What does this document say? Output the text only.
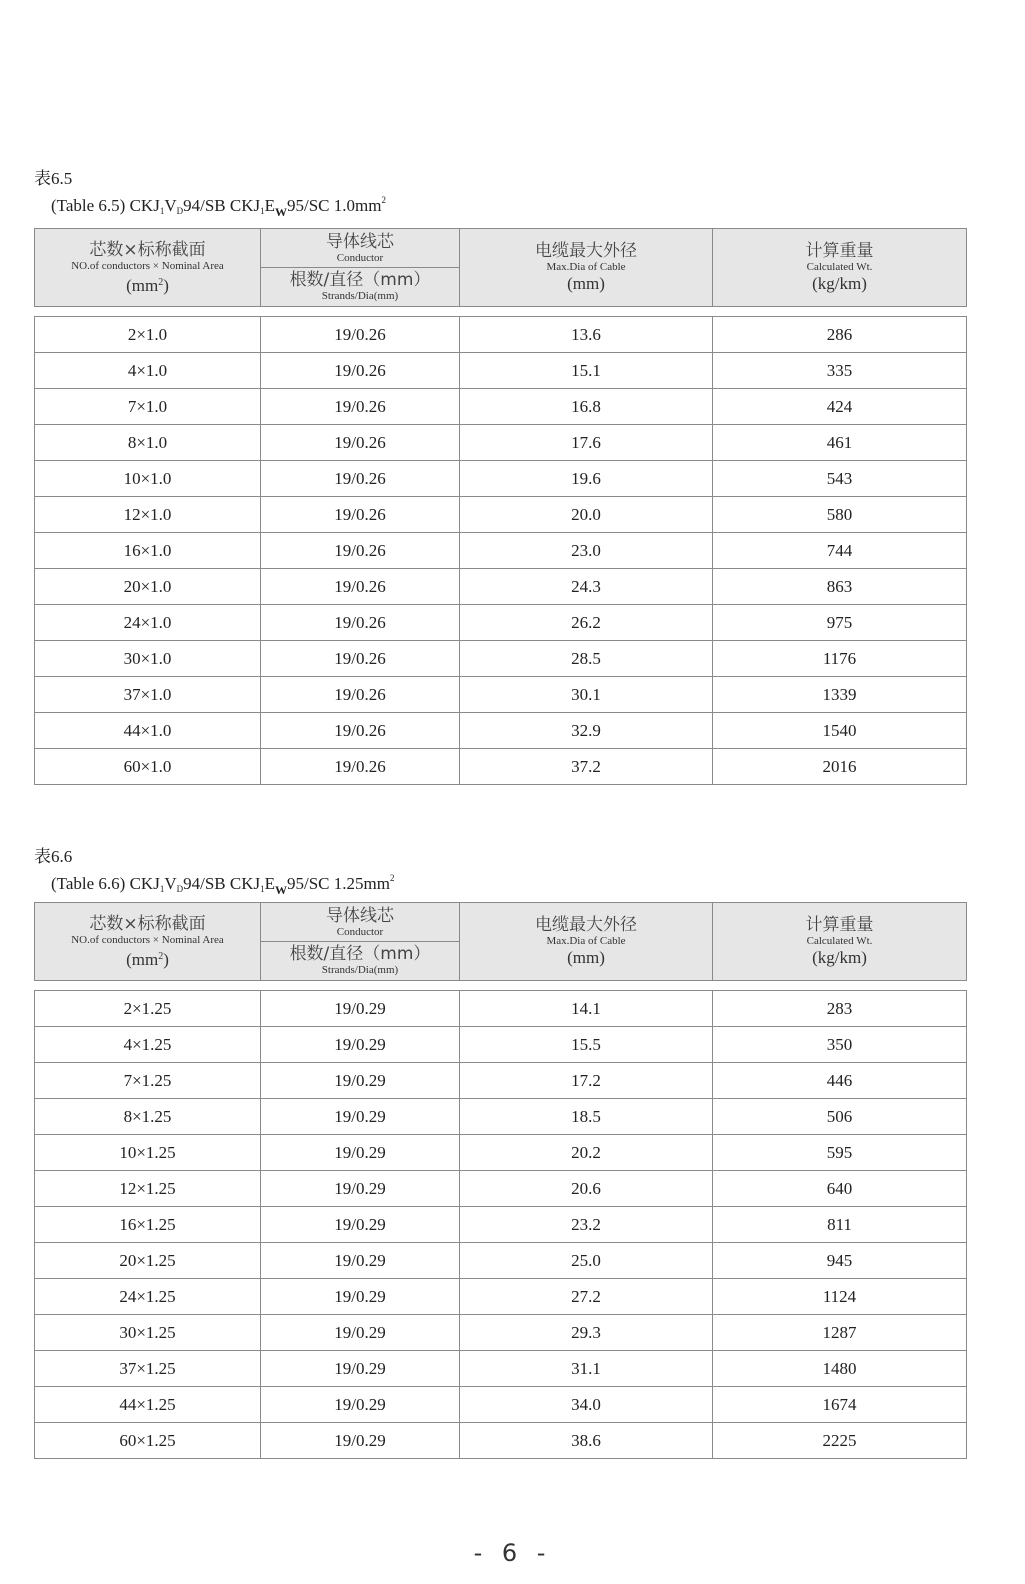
表6.5
(Table 6.5) $CKJ_1V_D94/SB$ $CKJ_1E_W95/SC$ $1.0mm^2$
芯数×标称截面
NO.of conductors × Nominal Area
$(mm^2)$

导体线芯
Conductor
根数/直径（mm）
Strands/Dia(mm)

电缆最大外径
Max.Dia of Cable
(mm)

计算重量
Calculated Wt.
(kg/km)
2×1.0	19/0.26	13.6	286
4×1.0	19/0.26	15.1	335
7×1.0	19/0.26	16.8	424
8×1.0	19/0.26	17.6	461
10×1.0	19/0.26	19.6	543
12×1.0	19/0.26	20.0	580
16×1.0	19/0.26	23.0	744
20×1.0	19/0.26	24.3	863
24×1.0	19/0.26	26.2	975
30×1.0	19/0.26	28.5	1176
37×1.0	19/0.26	30.1	1339
44×1.0	19/0.26	32.9	1540
60×1.0	19/0.26	37.2	2016
表6.6
(Table 6.6) $CKJ_1V_D94/SB$ $CKJ_1E_W95/SC$ $1.25mm^2$
芯数×标称截面
NO.of conductors × Nominal Area
$(mm^2)$

导体线芯
Conductor
根数/直径（mm）
Strands/Dia(mm)

电缆最大外径
Max.Dia of Cable
(mm)

计算重量
Calculated Wt.
(kg/km)
2×1.25	19/0.29	14.1	283
4×1.25	19/0.29	15.5	350
7×1.25	19/0.29	17.2	446
8×1.25	19/0.29	18.5	506
10×1.25	19/0.29	20.2	595
12×1.25	19/0.29	20.6	640
16×1.25	19/0.29	23.2	811
20×1.25	19/0.29	25.0	945
24×1.25	19/0.29	27.2	1124
30×1.25	19/0.29	29.3	1287
37×1.25	19/0.29	31.1	1480
44×1.25	19/0.29	34.0	1674
60×1.25	19/0.29	38.6	2225
- 6 -
